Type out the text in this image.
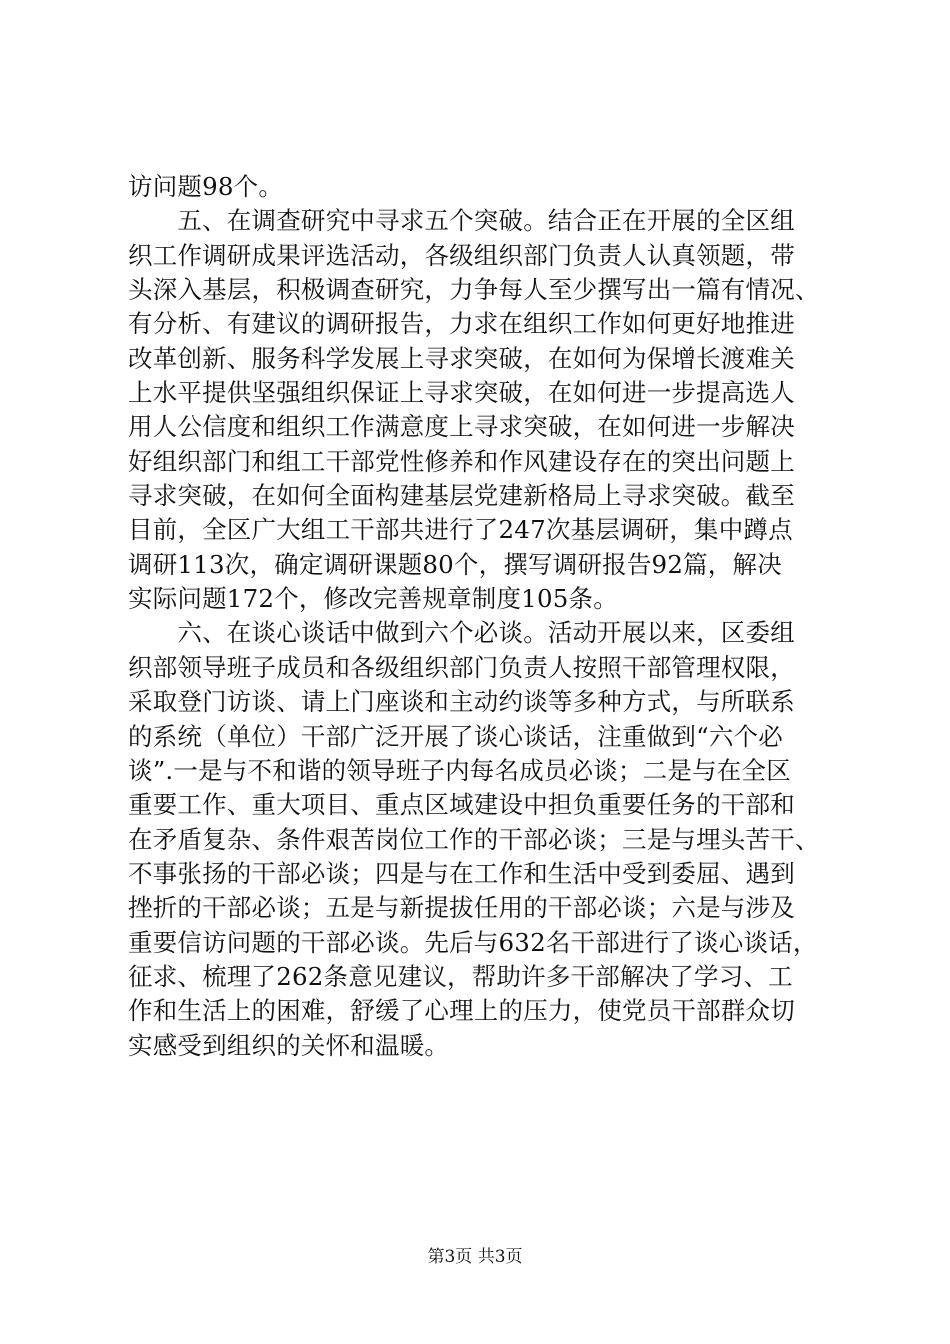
访问题98个。
　　五、在调查研究中寻求五个突破。结合正在开展的全区组
织工作调研成果评选活动，各级组织部门负责人认真领题，带
头深入基层，积极调查研究，力争每人至少撰写出一篇有情况、
有分析、有建议的调研报告，力求在组织工作如何更好地推进
改革创新、服务科学发展上寻求突破，在如何为保增长渡难关
上水平提供坚强组织保证上寻求突破，在如何进一步提高选人
用人公信度和组织工作满意度上寻求突破，在如何进一步解决
好组织部门和组工干部党性修养和作风建设存在的突出问题上
寻求突破，在如何全面构建基层党建新格局上寻求突破。截至
目前，全区广大组工干部共进行了247次基层调研，集中蹲点
调研113次，确定调研课题80个，撰写调研报告92篇，解决
实际问题172个，修改完善规章制度105条。
　　六、在谈心谈话中做到六个必谈。活动开展以来，区委组
织部领导班子成员和各级组织部门负责人按照干部管理权限，
采取登门访谈、请上门座谈和主动约谈等多种方式，与所联系
的系统（单位）干部广泛开展了谈心谈话，注重做到“六个必
谈”.一是与不和谐的领导班子内每名成员必谈；二是与在全区
重要工作、重大项目、重点区域建设中担负重要任务的干部和
在矛盾复杂、条件艰苦岗位工作的干部必谈；三是与埋头苦干、
不事张扬的干部必谈；四是与在工作和生活中受到委屈、遇到
挫折的干部必谈；五是与新提拔任用的干部必谈；六是与涉及
重要信访问题的干部必谈。先后与632名干部进行了谈心谈话，
征求、梳理了262条意见建议，帮助许多干部解决了学习、工
作和生活上的困难，舒缓了心理上的压力，使党员干部群众切
实感受到组织的关怀和温暖。
第3页 共3页
